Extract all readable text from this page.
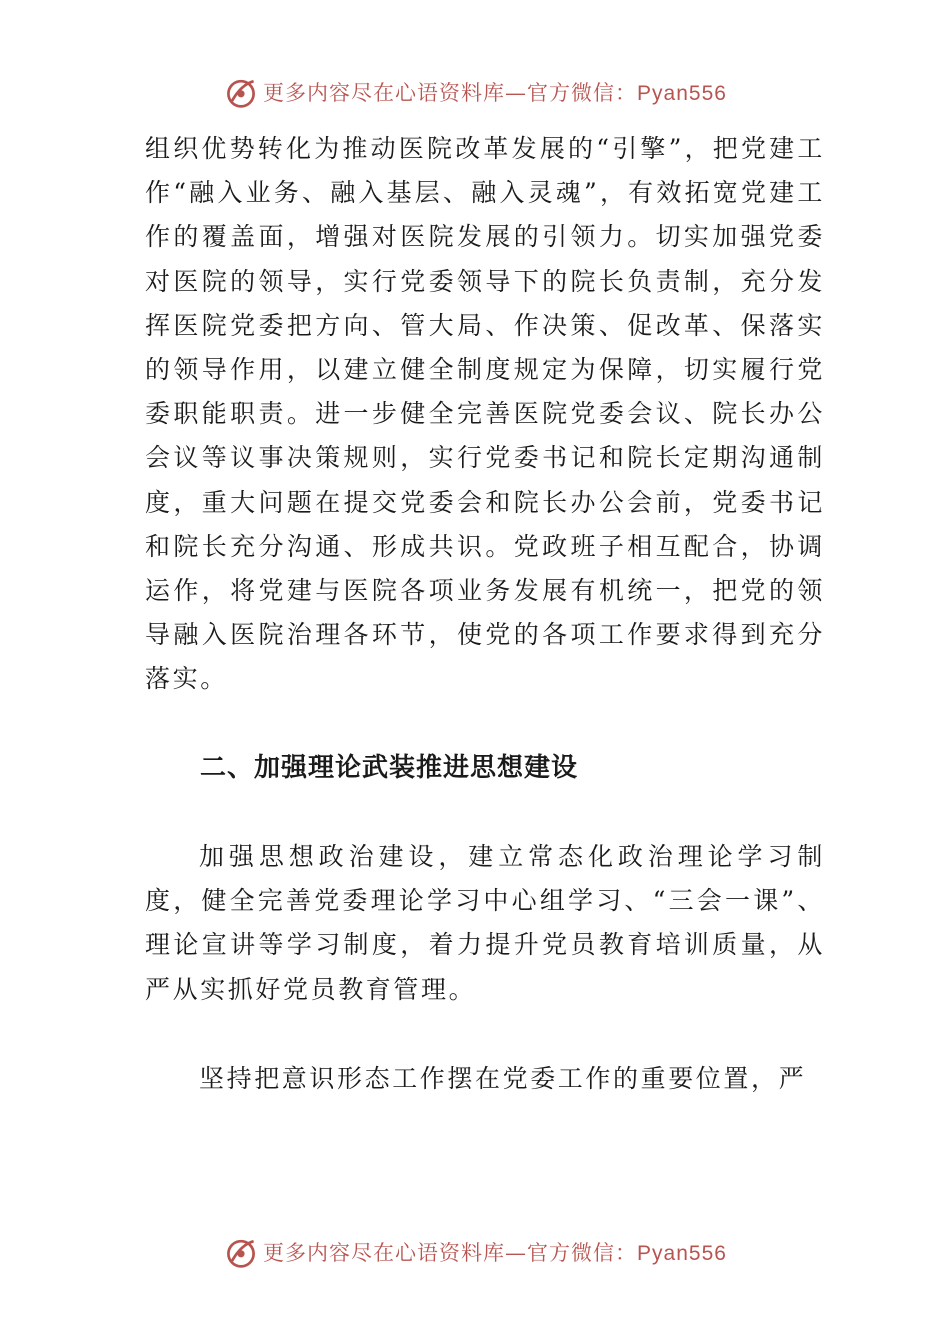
更多内容尽在心语资料库—官方微信：Pyan556

组织优势转化为推动医院改革发展的“引擎”，把党建工作“融入业务、融入基层、融入灵魂”，有效拓宽党建工作的覆盖面，增强对医院发展的引领力。切实加强党委对医院的领导，实行党委领导下的院长负责制，充分发挥医院党委把方向、管大局、作决策、促改革、保落实的领导作用，以建立健全制度规定为保障，切实履行党委职能职责。进一步健全完善医院党委会议、院长办公会议等议事决策规则，实行党委书记和院长定期沟通制度，重大问题在提交党委会和院长办公会前，党委书记和院长充分沟通、形成共识。党政班子相互配合，协调运作，将党建与医院各项业务发展有机统一，把党的领导融入医院治理各环节，使党的各项工作要求得到充分落实。

二、加强理论武装推进思想建设

加强思想政治建设，建立常态化政治理论学习制度，健全完善党委理论学习中心组学习、“三会一课”、理论宣讲等学习制度，着力提升党员教育培训质量，从严从实抓好党员教育管理。

坚持把意识形态工作摆在党委工作的重要位置，严

更多内容尽在心语资料库—官方微信：Pyan556
